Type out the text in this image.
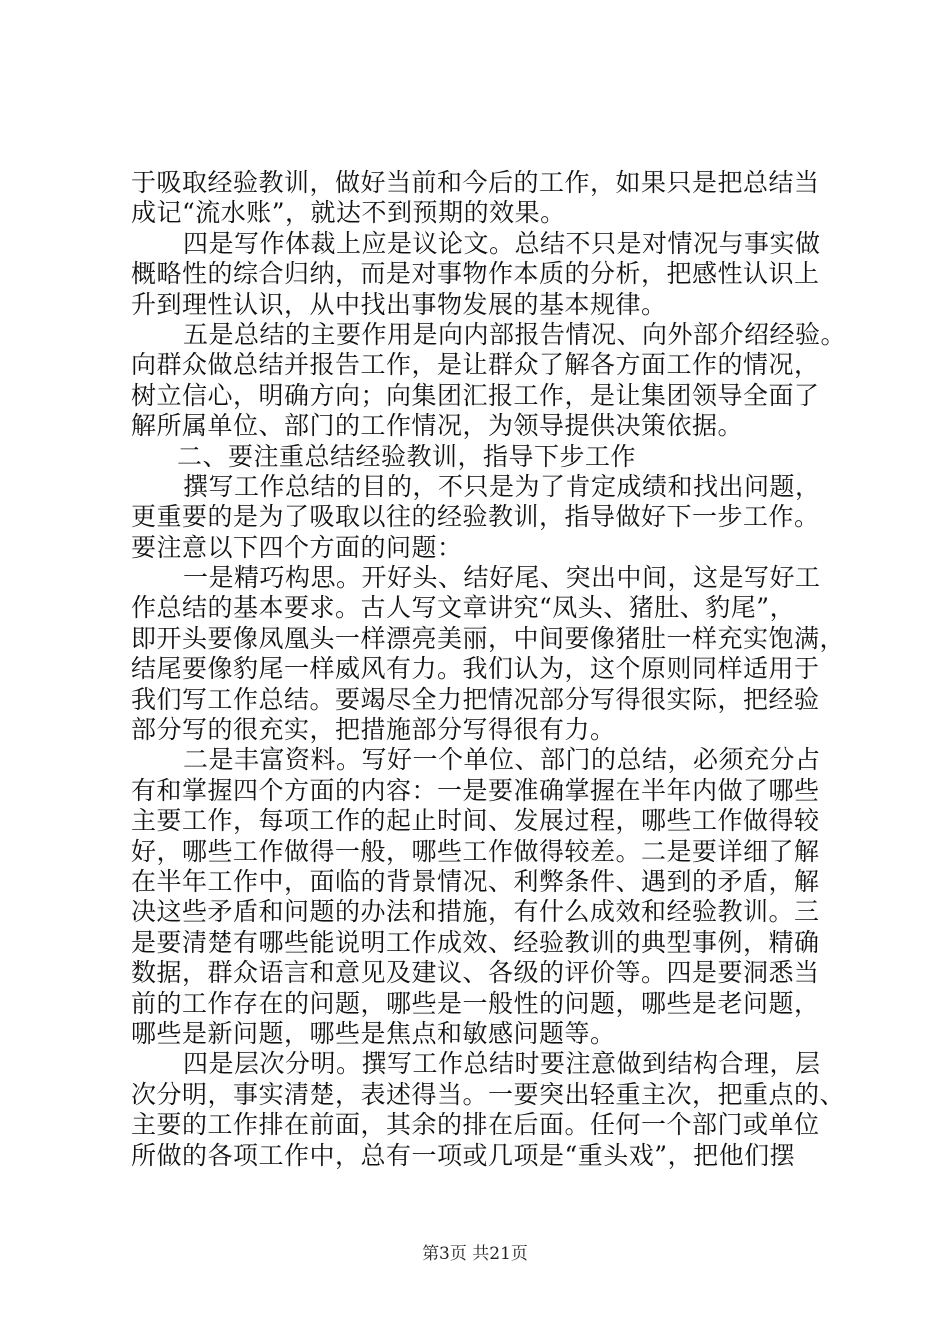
于吸取经验教训，做好当前和今后的工作，如果只是把总结当
成记“流水账”，就达不到预期的效果。
四是写作体裁上应是议论文。总结不只是对情况与事实做
概略性的综合归纳，而是对事物作本质的分析，把感性认识上
升到理性认识，从中找出事物发展的基本规律。
五是总结的主要作用是向内部报告情况、向外部介绍经验。
向群众做总结并报告工作，是让群众了解各方面工作的情况，
树立信心，明确方向；向集团汇报工作，是让集团领导全面了
解所属单位、部门的工作情况，为领导提供决策依据。
二、要注重总结经验教训，指导下步工作
撰写工作总结的目的，不只是为了肯定成绩和找出问题，
更重要的是为了吸取以往的经验教训，指导做好下一步工作。
要注意以下四个方面的问题：
一是精巧构思。开好头、结好尾、突出中间，这是写好工
作总结的基本要求。古人写文章讲究“凤头、猪肚、豹尾”，
即开头要像凤凰头一样漂亮美丽，中间要像猪肚一样充实饱满，
结尾要像豹尾一样威风有力。我们认为，这个原则同样适用于
我们写工作总结。要竭尽全力把情况部分写得很实际，把经验
部分写的很充实，把措施部分写得很有力。
二是丰富资料。写好一个单位、部门的总结，必须充分占
有和掌握四个方面的内容：一是要准确掌握在半年内做了哪些
主要工作，每项工作的起止时间、发展过程，哪些工作做得较
好，哪些工作做得一般，哪些工作做得较差。二是要详细了解
在半年工作中，面临的背景情况、利弊条件、遇到的矛盾，解
决这些矛盾和问题的办法和措施，有什么成效和经验教训。三
是要清楚有哪些能说明工作成效、经验教训的典型事例，精确
数据，群众语言和意见及建议、各级的评价等。四是要洞悉当
前的工作存在的问题，哪些是一般性的问题，哪些是老问题，
哪些是新问题，哪些是焦点和敏感问题等。
四是层次分明。撰写工作总结时要注意做到结构合理，层
次分明，事实清楚，表述得当。一要突出轻重主次，把重点的、
主要的工作排在前面，其余的排在后面。任何一个部门或单位
所做的各项工作中，总有一项或几项是“重头戏”，把他们摆
第3页 共21页
